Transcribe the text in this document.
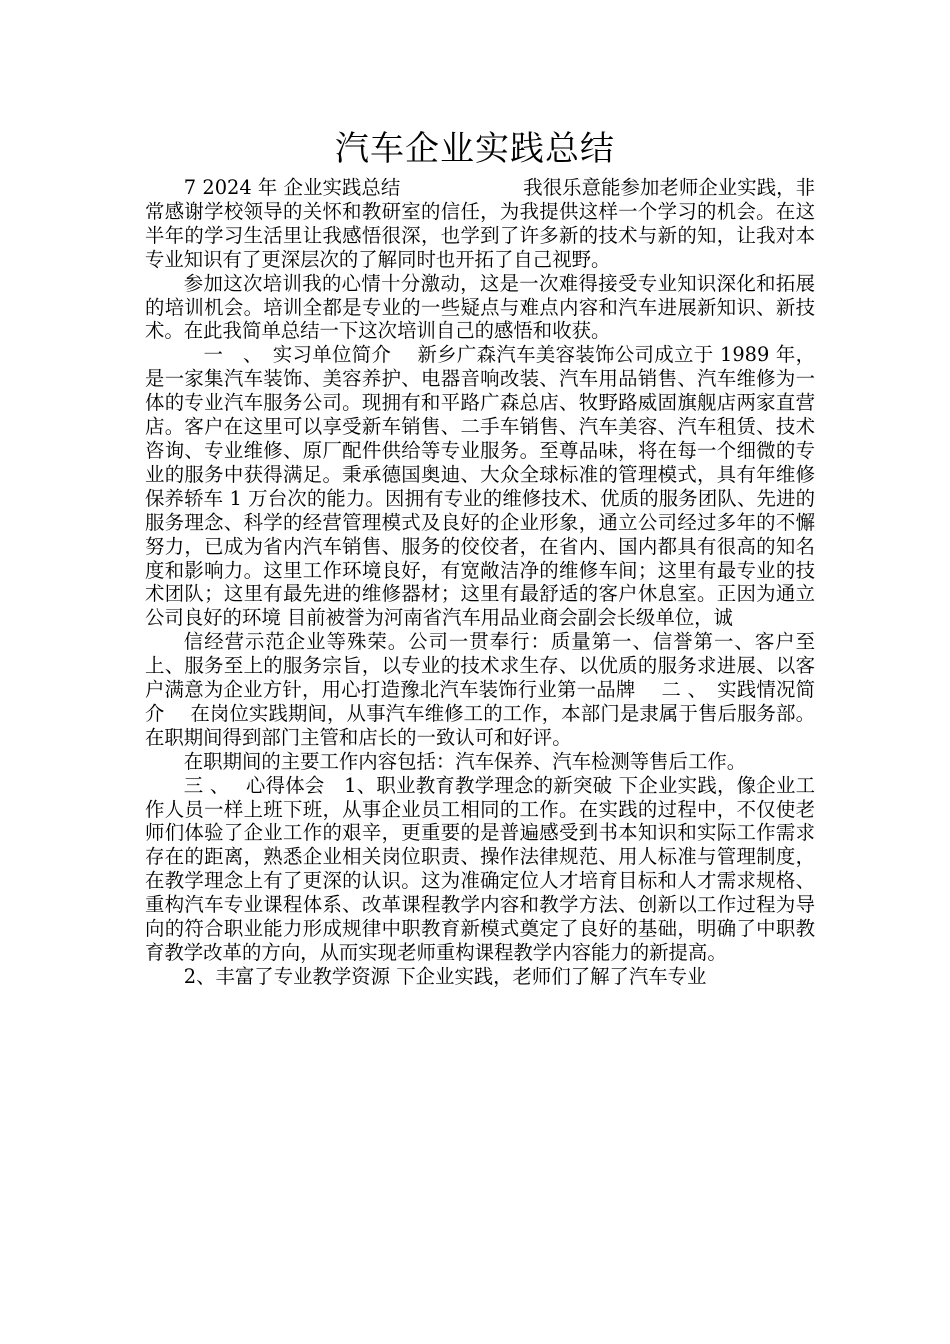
汽车企业实践总结

7 2024 年 企业实践总结 　　　　　　我很乐意能参加老师企业实践，非常感谢学校领导的关怀和教研室的信任，为我提供这样一个学习的机会。在这半年的学习生活里让我感悟很深，也学到了许多新的技术与新的知，让我对本专业知识有了更深层次的了解同时也开拓了自己视野。

参加这次培训我的心情十分激动，这是一次难得接受专业知识深化和拓展的培训机会。培训全都是专业的一些疑点与难点内容和汽车进展新知识、新技术。在此我简单总结一下这次培训自己的感悟和收获。

　一　、　实习单位简介　 新乡广森汽车美容装饰公司成立于 1989 年，是一家集汽车装饰、美容养护、电器音响改装、汽车用品销售、汽车维修为一体的专业汽车服务公司。现拥有和平路广森总店、牧野路威固旗舰店两家直营店。客户在这里可以享受新车销售、二手车销售、汽车美容、汽车租赁、技术咨询、专业维修、原厂配件供给等专业服务。至尊品味，将在每一个细微的专业的服务中获得满足。秉承德国奥迪、大众全球标准的管理模式，具有年维修保养轿车 1 万台次的能力。因拥有专业的维修技术、优质的服务团队、先进的服务理念、科学的经营管理模式及良好的企业形象，通立公司经过多年的不懈努力，已成为省内汽车销售、服务的佼佼者，在省内、国内都具有很高的知名度和影响力。这里工作环境良好，有宽敞洁净的维修车间；这里有最专业的技术团队；这里有最先进的维修器材；这里有最舒适的客户休息室。正因为通立公司良好的环境 目前被誉为河南省汽车用品业商会副会长级单位，诚

信经营示范企业等殊荣。公司一贯奉行：质量第一、信誉第一、客户至上、服务至上的服务宗旨，以专业的技术求生存、以优质的服务求进展、以客户满意为企业方针，用心打造豫北汽车装饰行业第一品牌　 二 、　实践情况简介　 在岗位实践期间，从事汽车维修工的工作，本部门是隶属于售后服务部。在职期间得到部门主管和店长的一致认可和好评。

在职期间的主要工作内容包括：汽车保养、汽车检测等售后工作。

三 、　 心得体会　1、职业教育教学理念的新突破 下企业实践，像企业工作人员一样上班下班，从事企业员工相同的工作。在实践的过程中，不仅使老师们体验了企业工作的艰辛，更重要的是普遍感受到书本知识和实际工作需求存在的距离，熟悉企业相关岗位职责、操作法律规范、用人标准与管理制度，在教学理念上有了更深的认识。这为准确定位人才培育目标和人才需求规格、重构汽车专业课程体系、改革课程教学内容和教学方法、创新以工作过程为导向的符合职业能力形成规律中职教育新模式奠定了良好的基础，明确了中职教育教学改革的方向，从而实现老师重构课程教学内容能力的新提高。

2、丰富了专业教学资源 下企业实践，老师们了解了汽车专业
